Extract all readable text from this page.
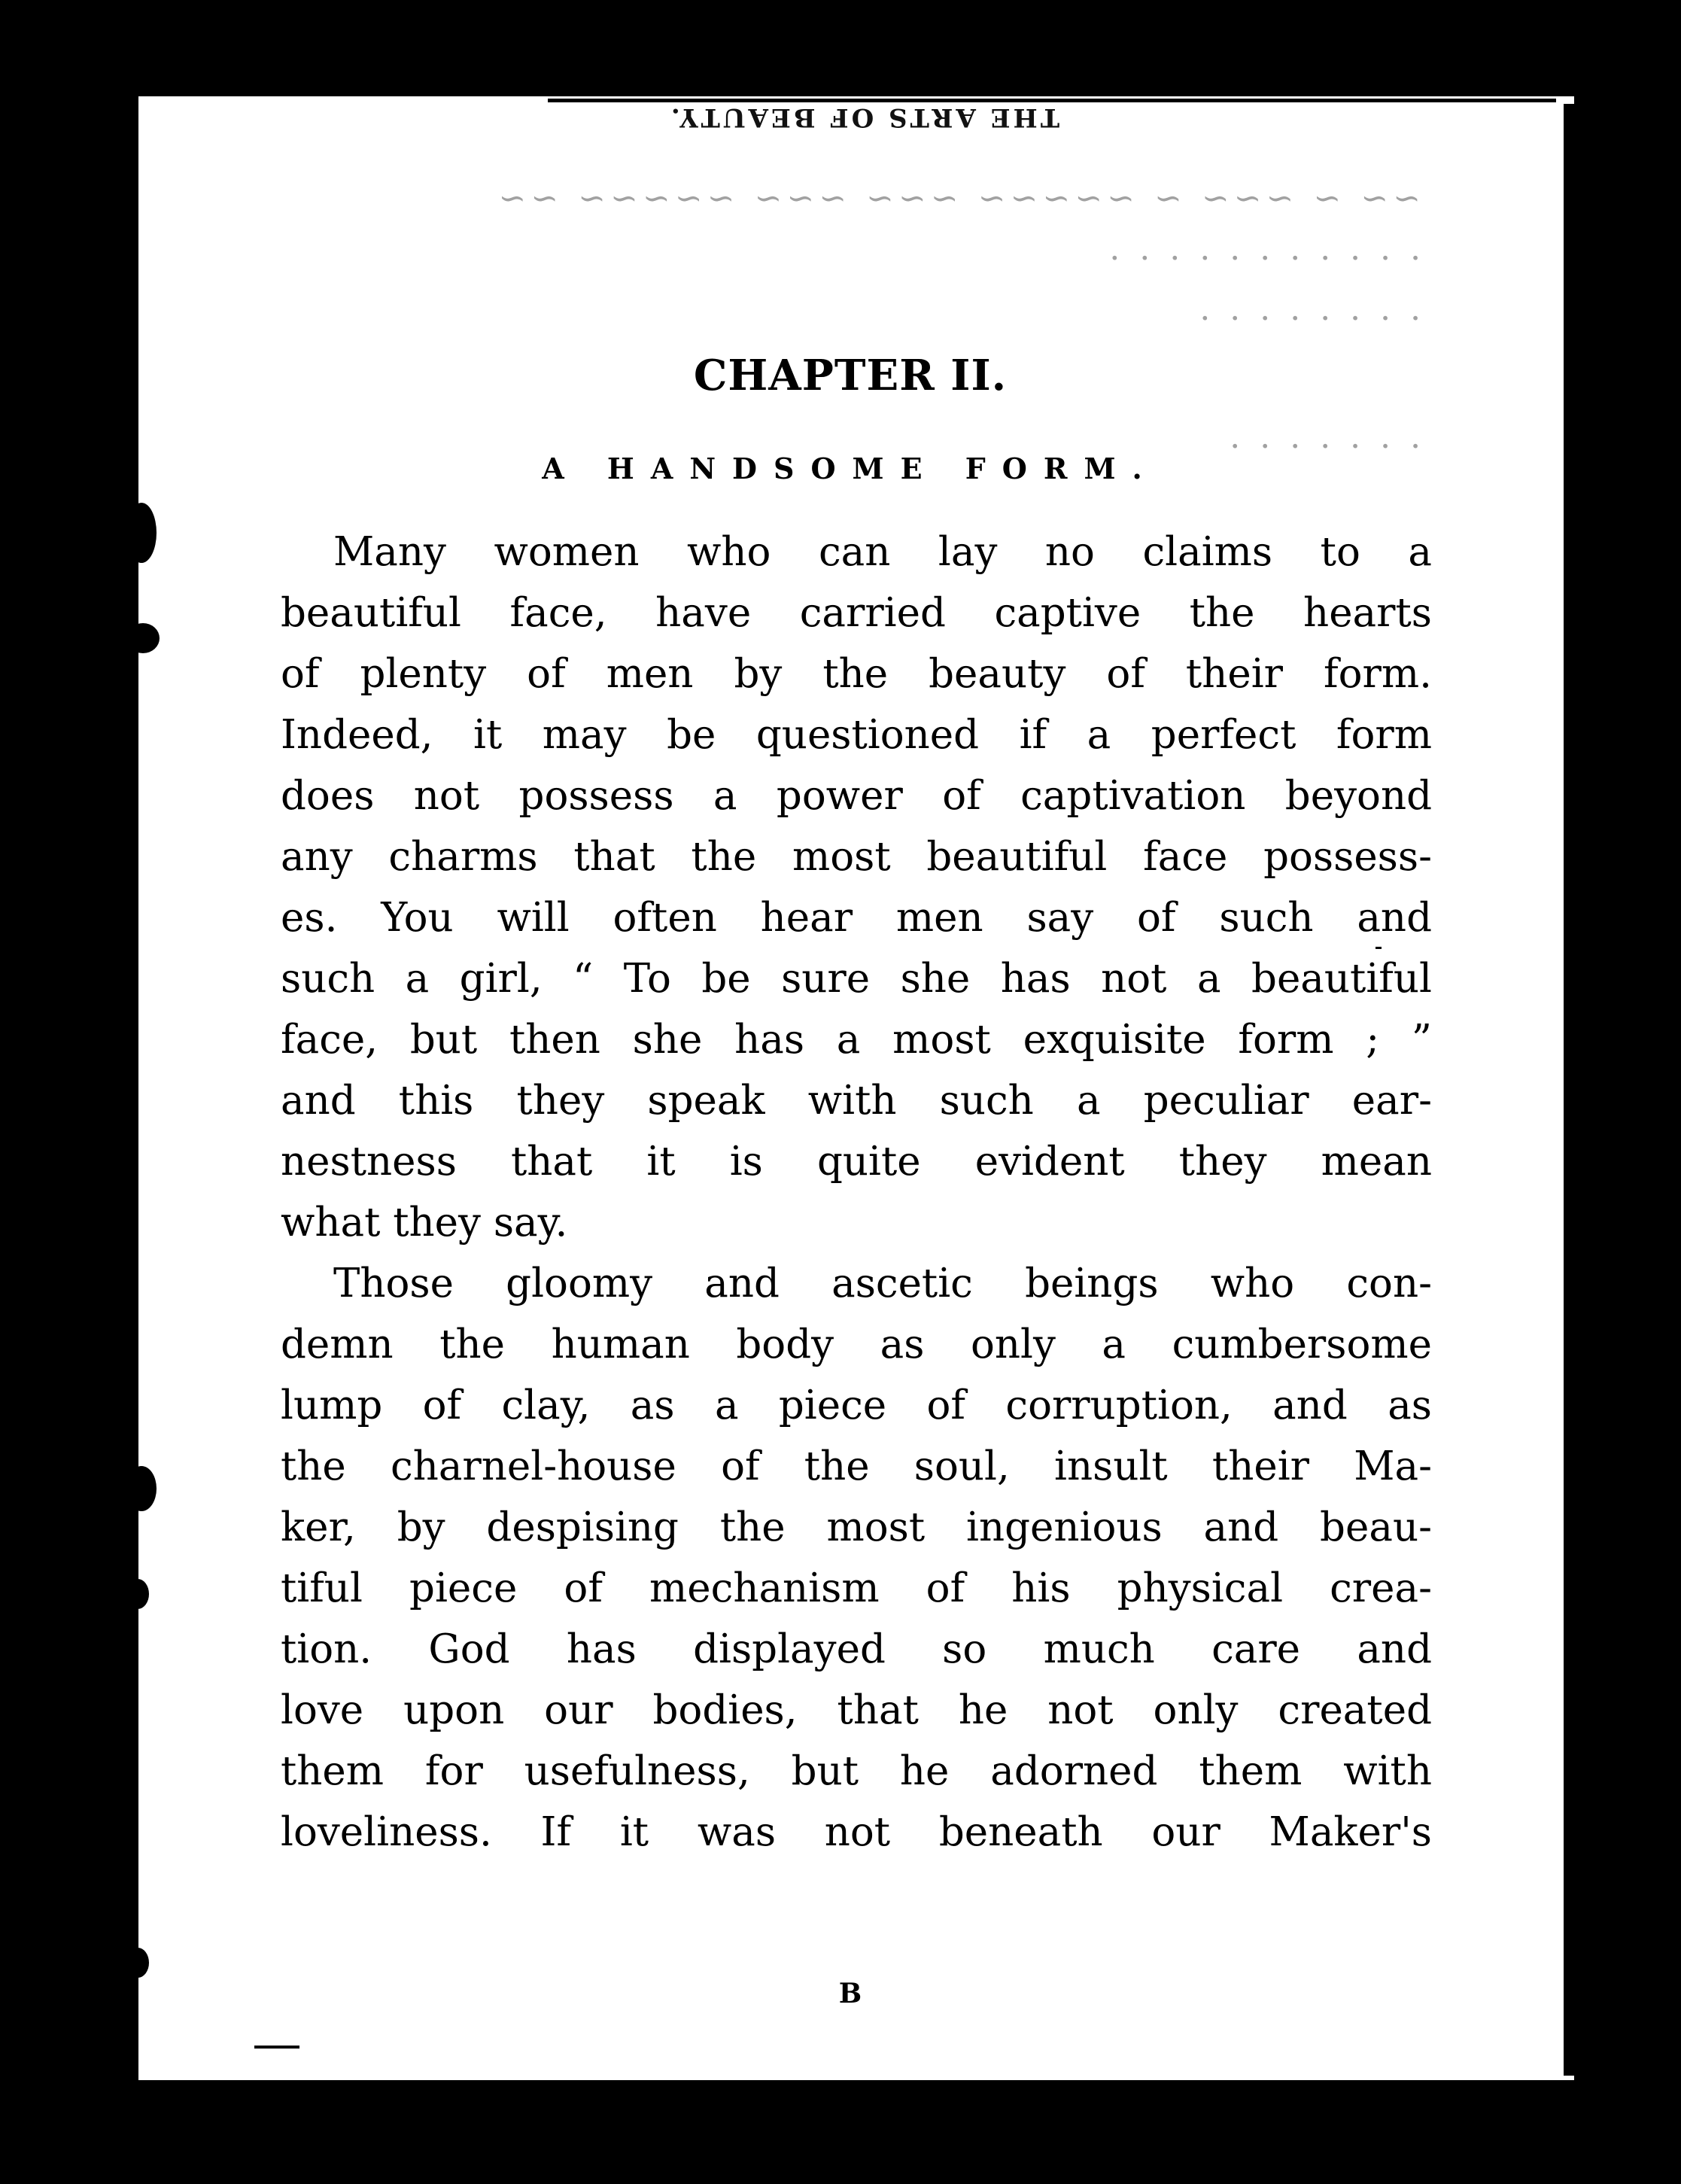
THE ARTS OF BEAUTY.
~~ ~ ~~~ ~ ~~~~~ ~~~ ~~~ ~~~~~ ~~
· · · · · · · · · · ·
· · · · · · · ·
· · · · · · ·
CHAPTER II.
A HANDSOME FORM.
Many women who can lay no claims to a
beautiful face, have carried captive the hearts
of plenty of men by the beauty of their form.
Indeed, it may be questioned if a perfect form
does not possess a power of captivation beyond
any charms that the most beautiful face possess-
es. You will often hear men say of such and
such a girl, “ To be sure she has not a beautiful
face, but then she has a most exquisite form ; ”
and this they speak with such a peculiar ear-
nestness that it is quite evident they mean
what they say.
Those gloomy and ascetic beings who con-
demn the human body as only a cumbersome
lump of clay, as a piece of corruption, and as
the charnel-house of the soul, insult their Ma-
ker, by despising the most ingenious and beau-
tiful piece of mechanism of his physical crea-
tion. God has displayed so much care and
love upon our bodies, that he not only created
them for usefulness, but he adorned them with
loveliness. If it was not beneath our Maker's
B
